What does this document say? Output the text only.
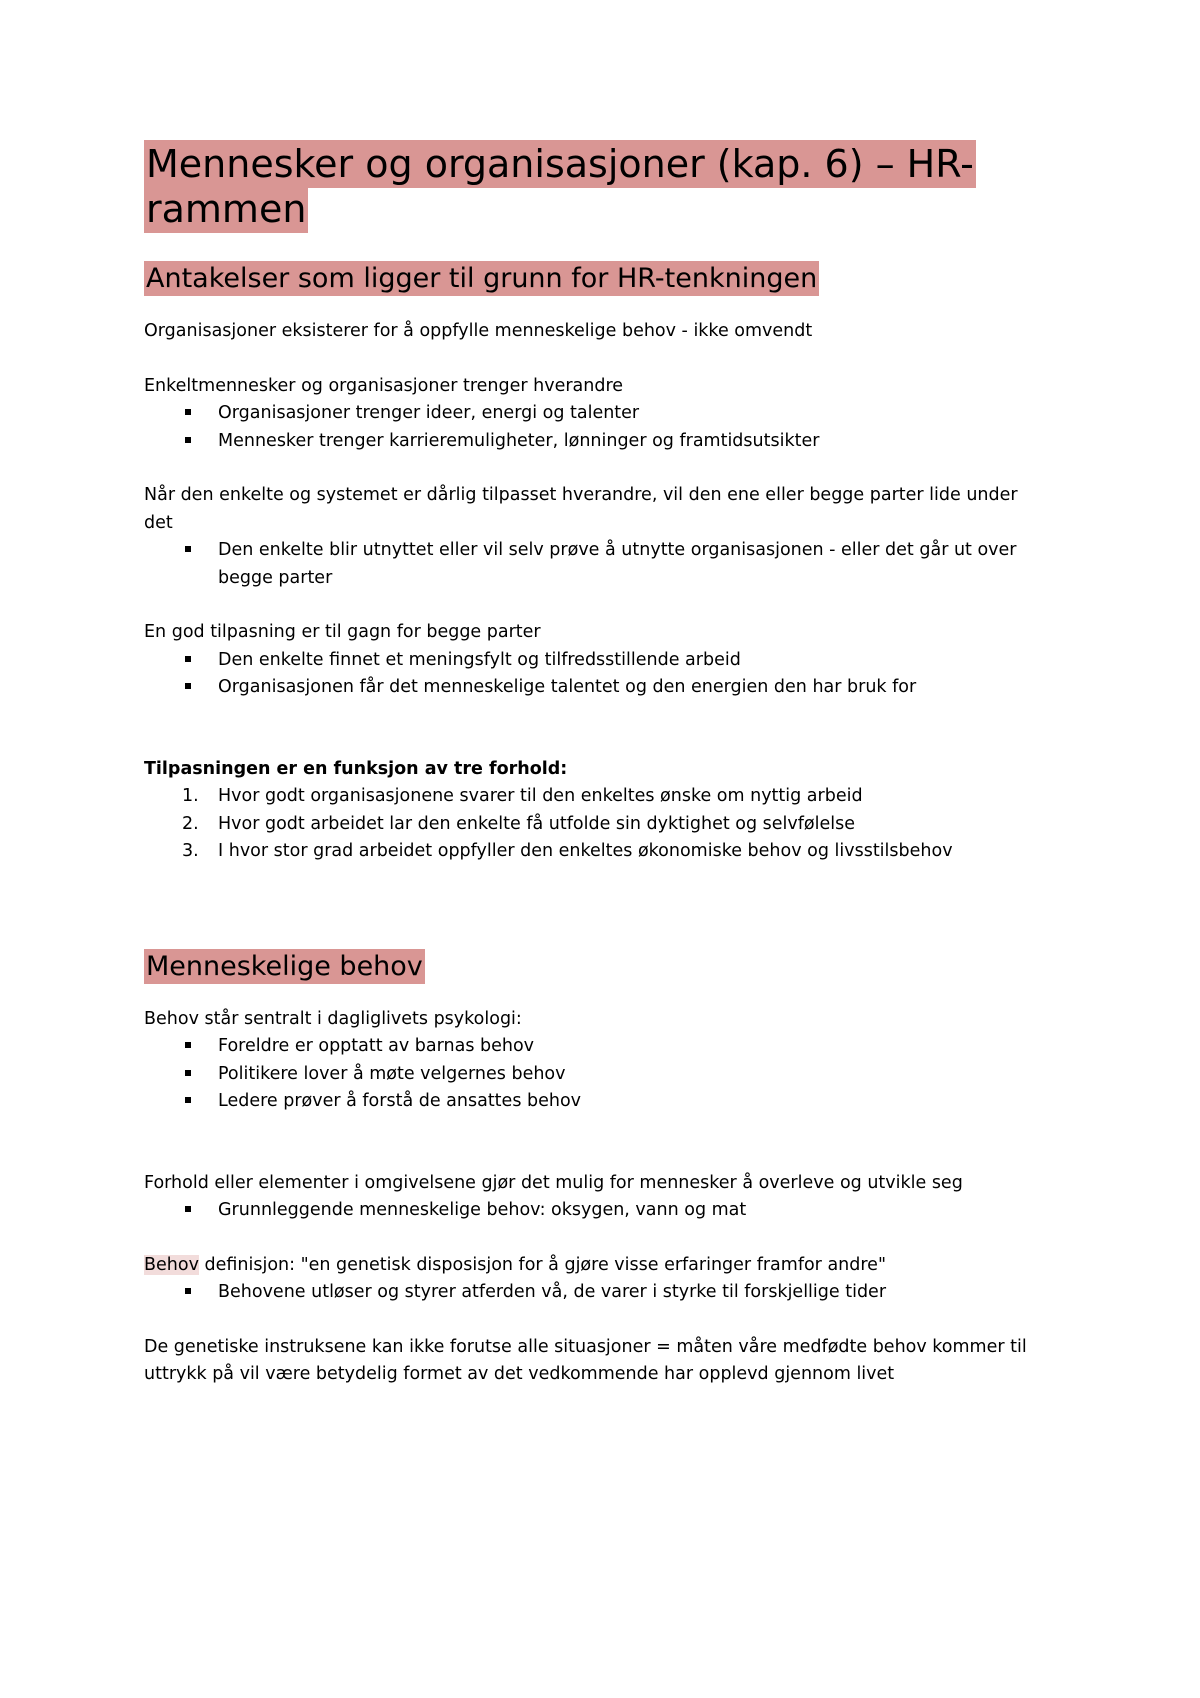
Mennesker og organisasjoner (kap. 6) – HR-rammen
Antakelser som ligger til grunn for HR-tenkningen

Organisasjoner eksisterer for å oppfylle menneskelige behov - ikke omvendt

Enkeltmennesker og organisasjoner trenger hverandre

Organisasjoner trenger ideer, energi og talenter
Mennesker trenger karrieremuligheter, lønninger og framtidsutsikter

Når den enkelte og systemet er dårlig tilpasset hverandre, vil den ene eller begge parter lide under det

Den enkelte blir utnyttet eller vil selv prøve å utnytte organisasjonen - eller det går ut over begge parter

En god tilpasning er til gagn for begge parter

Den enkelte finnet et meningsfylt og tilfredsstillende arbeid
Organisasjonen får det menneskelige talentet og den energien den har bruk for

Tilpasningen er en funksjon av tre forhold:

1. Hvor godt organisasjonene svarer til den enkeltes ønske om nyttig arbeid
2. Hvor godt arbeidet lar den enkelte få utfolde sin dyktighet og selvfølelse
3. I hvor stor grad arbeidet oppfyller den enkeltes økonomiske behov og livsstilsbehov
Menneskelige behov

Behov står sentralt i dagliglivets psykologi:

Foreldre er opptatt av barnas behov
Politikere lover å møte velgernes behov
Ledere prøver å forstå de ansattes behov

Forhold eller elementer i omgivelsene gjør det mulig for mennesker å overleve og utvikle seg

Grunnleggende menneskelige behov: oksygen, vann og mat

Behov definisjon: "en genetisk disposisjon for å gjøre visse erfaringer framfor andre"

Behovene utløser og styrer atferden vå, de varer i styrke til forskjellige tider

De genetiske instruksene kan ikke forutse alle situasjoner = måten våre medfødte behov kommer til uttrykk på vil være betydelig formet av det vedkommende har opplevd gjennom livet
